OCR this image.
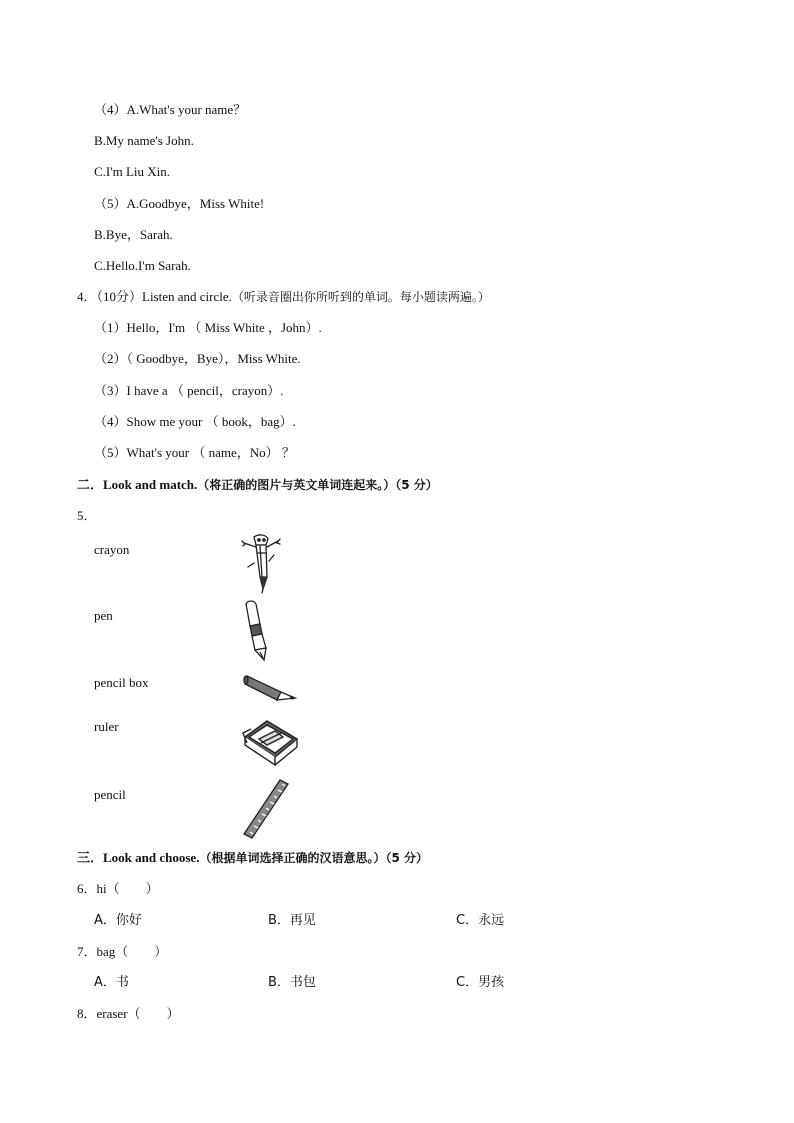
（4）A.What's your name？
B.My name's John.
C.I'm Liu Xin.
（5）A.Goodbye，Miss White!
B.Bye，Sarah.
C.Hello.I'm Sarah.
4．（10分）Listen and circle.（听录音圈出你所听到的单词。每小题读两遍。）
（1）Hello，I'm （ Miss White ，John）.
（2）（ Goodbye，Bye），Miss White.
（3）I have a （ pencil，crayon）.
（4）Show me your （ book，bag）.
（5）What's your （ name，No） ？
二．Look and match.（将正确的图片与英文单词连起来。）（5 分）
5．
crayon
pen
pencil box
ruler
pencil
三．Look and choose.（根据单词选择正确的汉语意思。）（5 分）
6．hi（　　）
A．你好	B．再见	C．永远
7．bag（　　）
A．书	B．书包	C．男孩
8．eraser（　　）
